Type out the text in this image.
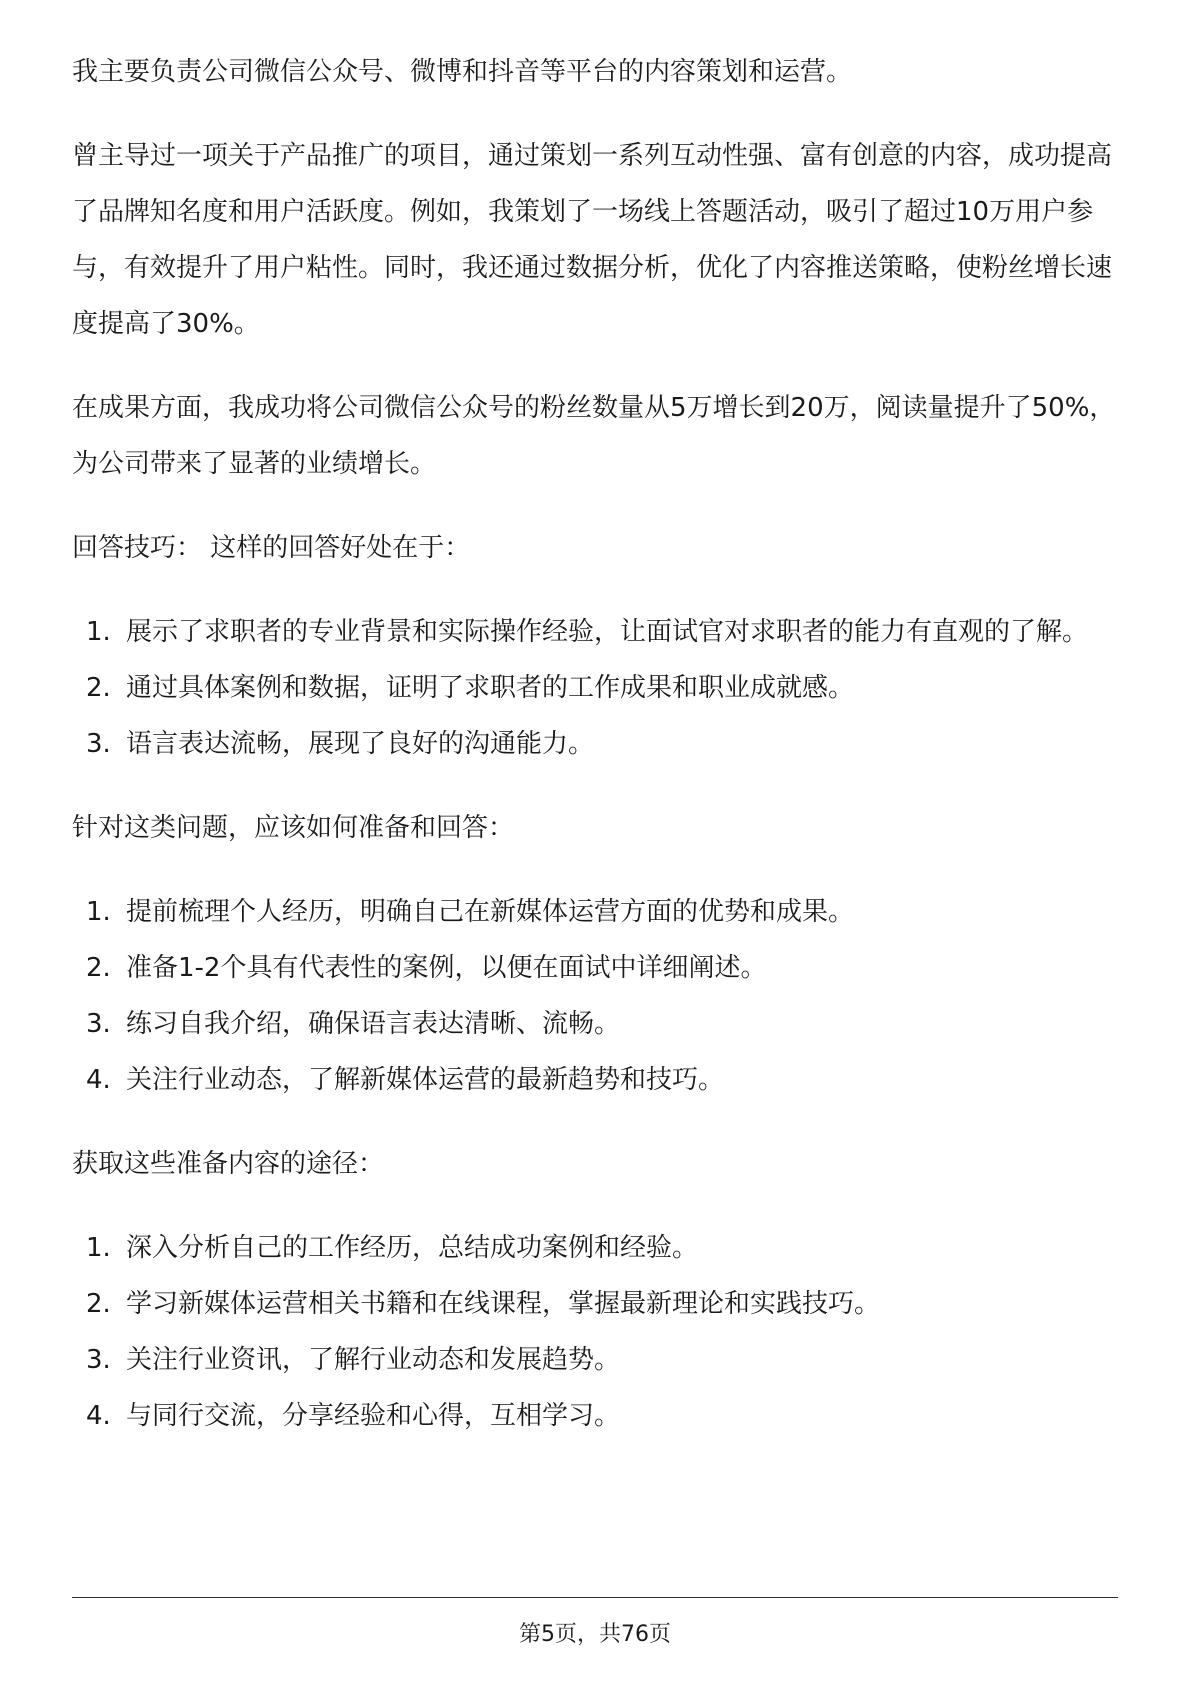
我主要负责公司微信公众号、微博和抖音等平台的内容策划和运营。

曾主导过一项关于产品推广的项目，通过策划一系列互动性强、富有创意的内容，成功提高了品牌知名度和用户活跃度。例如，我策划了一场线上答题活动，吸引了超过10万用户参与，有效提升了用户粘性。同时，我还通过数据分析，优化了内容推送策略，使粉丝增长速度提高了30%。

在成果方面，我成功将公司微信公众号的粉丝数量从5万增长到20万，阅读量提升了50%，为公司带来了显著的业绩增长。

回答技巧： 这样的回答好处在于：

1. 展示了求职者的专业背景和实际操作经验，让面试官对求职者的能力有直观的了解。
2. 通过具体案例和数据，证明了求职者的工作成果和职业成就感。
3. 语言表达流畅，展现了良好的沟通能力。

针对这类问题，应该如何准备和回答：

1. 提前梳理个人经历，明确自己在新媒体运营方面的优势和成果。
2. 准备1-2个具有代表性的案例，以便在面试中详细阐述。
3. 练习自我介绍，确保语言表达清晰、流畅。
4. 关注行业动态，了解新媒体运营的最新趋势和技巧。

获取这些准备内容的途径：

1. 深入分析自己的工作经历，总结成功案例和经验。
2. 学习新媒体运营相关书籍和在线课程，掌握最新理论和实践技巧。
3. 关注行业资讯，了解行业动态和发展趋势。
4. 与同行交流，分享经验和心得，互相学习。
第5页，共76页
